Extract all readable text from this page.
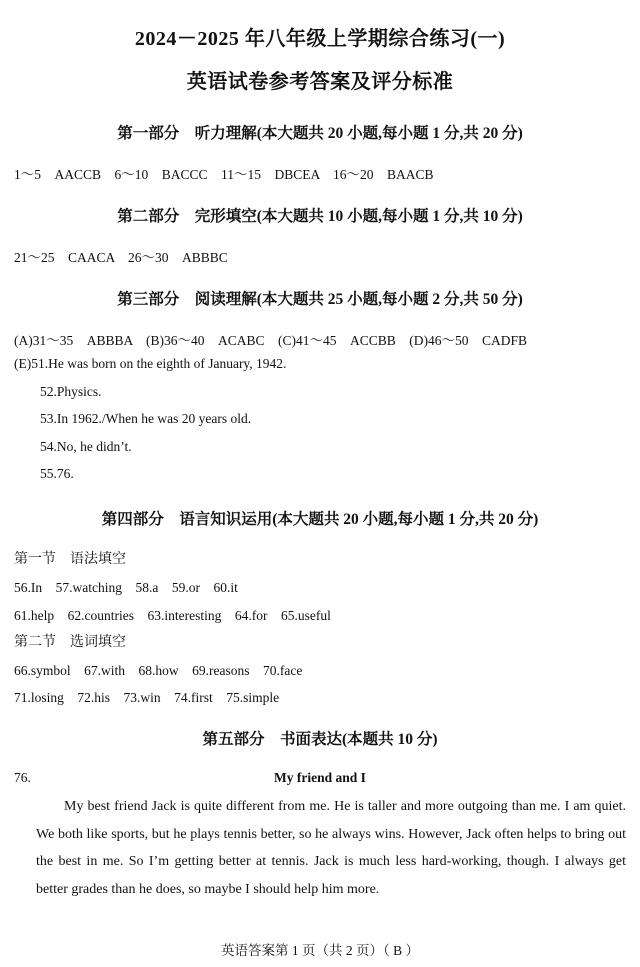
2024－2025 年八年级上学期综合练习(一)
英语试卷参考答案及评分标准
第一部分　听力理解(本大题共 20 小题,每小题 1 分,共 20 分)
1～5　AACCB　6～10　BACCC　11～15　DBCEA　16～20　BAACB
第二部分　完形填空(本大题共 10 小题,每小题 1 分,共 10 分)
21～25　CAACA　26～30　ABBBC
第三部分　阅读理解(本大题共 25 小题,每小题 2 分,共 50 分)
(A)31～35　ABBBA　(B)36～40　ACABC　(C)41～45　ACCBB　(D)46～50　CADFB
(E)51.He was born on the eighth of January, 1942.
52.Physics.
53.In 1962./When he was 20 years old.
54.No, he didn’t.
55.76.
第四部分　语言知识运用(本大题共 20 小题,每小题 1 分,共 20 分)
第一节　语法填空
56.In　57.watching　58.a　59.or　60.it
61.help　62.countries　63.interesting　64.for　65.useful
第二节　选词填空
66.symbol　67.with　68.how　69.reasons　70.face
71.losing　72.his　73.win　74.first　75.simple
第五部分　书面表达(本题共 10 分)
76.	My friend and I
My best friend Jack is quite different from me. He is taller and more outgoing than me. I am quiet. We both like sports, but he plays tennis better, so he always wins. However, Jack often helps to bring out the best in me. So I’m getting better at tennis. Jack is much less hard-working, though. I always get better grades than he does, so maybe I should help him more.
英语答案第 1 页（共 2 页）（ B ）
